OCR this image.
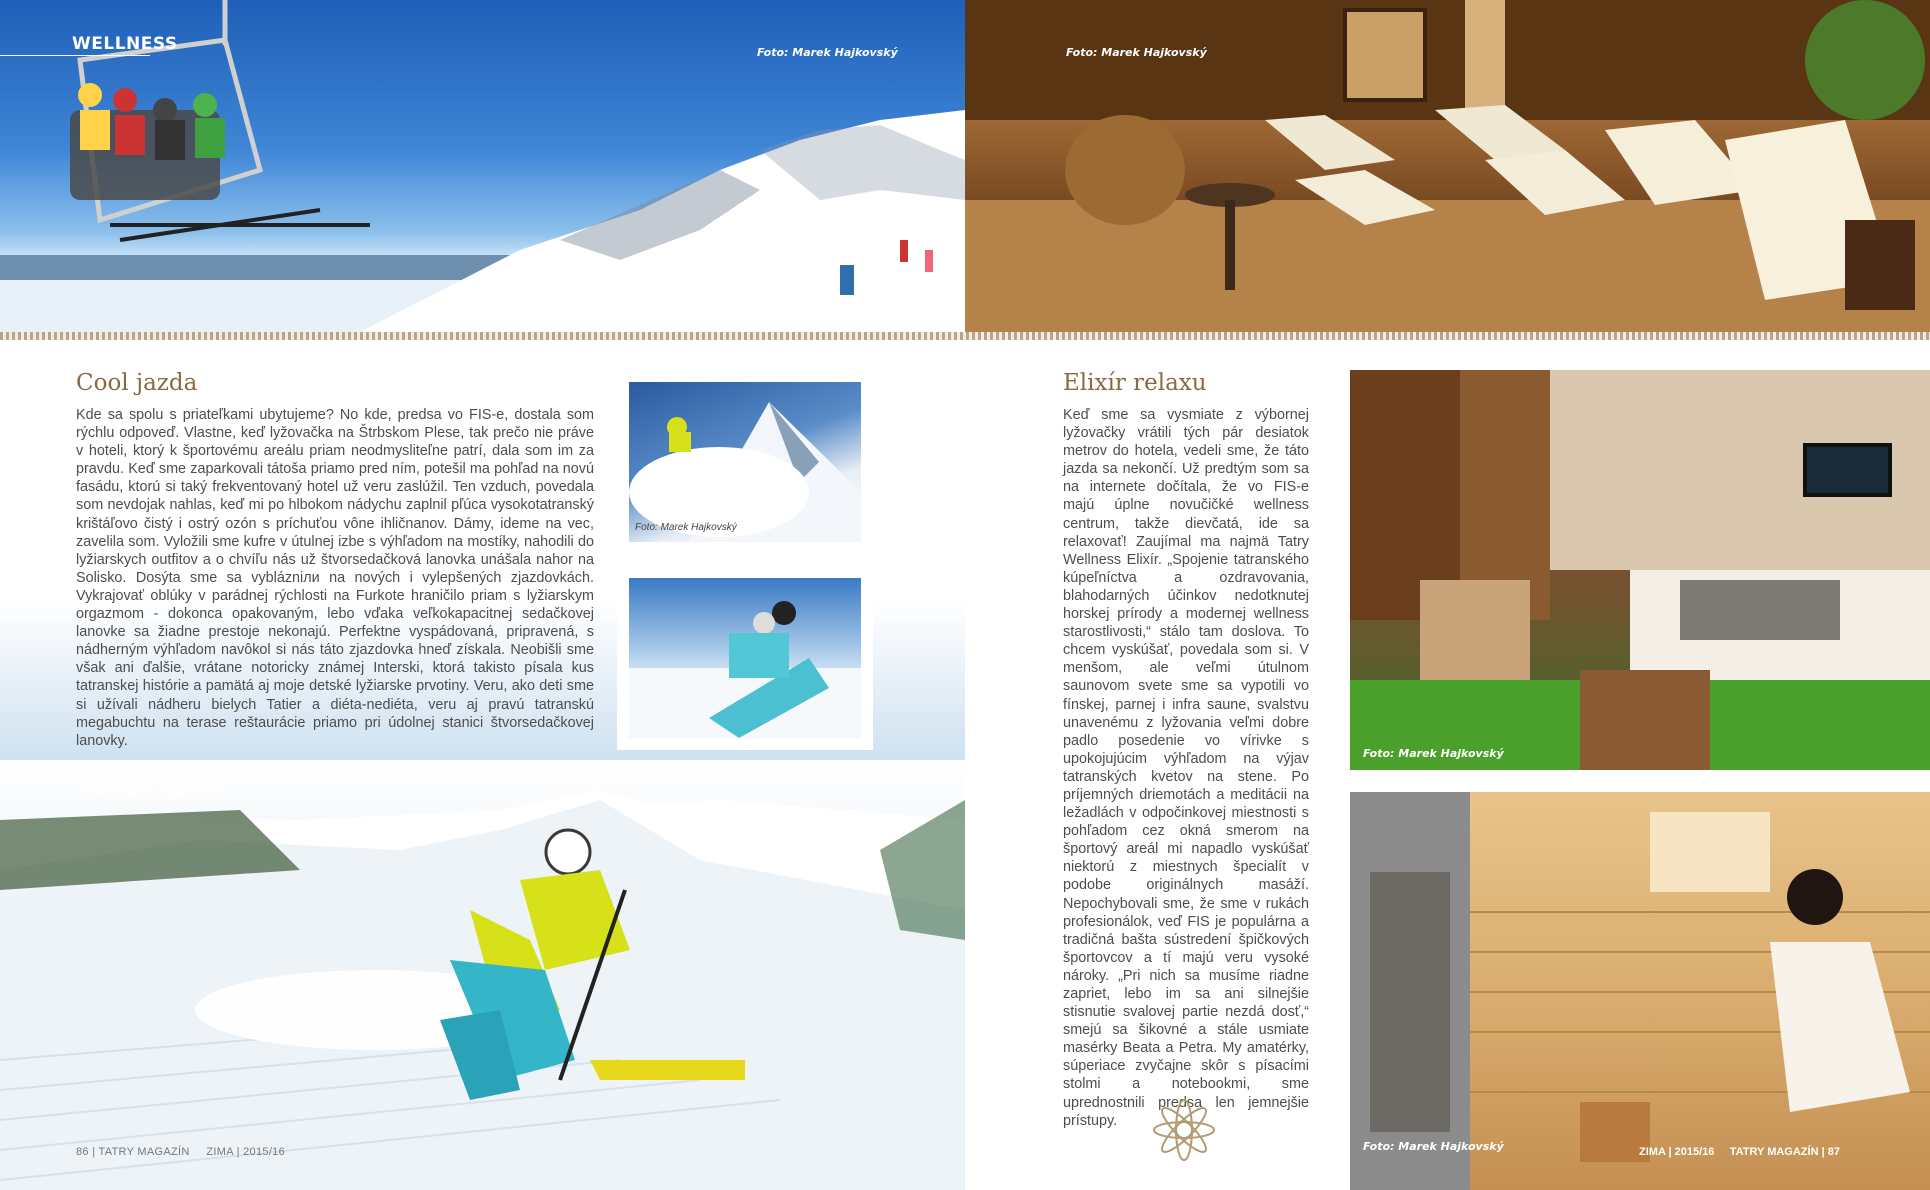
WELLNESS	Foto: Marek Hajkovský	Foto: Marek Hajkovský
Foto: Marek Hajkovský
Cool jazda

Kde sa spolu s priateľkami ubytujeme? No kde, predsa vo FIS-e, dostala som rýchlu odpoveď. Vlastne, keď lyžovačka na Štrbskom Plese, tak prečo nie práve v hoteli, ktorý k športovému areálu priam neodmysliteľne patrí, dala som im za pravdu. Keď sme zaparkovali tátoša priamo pred ním, potešil ma pohľad na novú fasádu, ktorú si taký frekventovaný hotel už veru zaslúžil. Ten vzduch, povedala som nevdojak nahlas, keď mi po hlbokom nádychu zaplnil pľúca vysokotatranský krištáľovo čistý i ostrý ozón s príchuťou vône ihličnanov. Dámy, ideme na vec, zavelila som. Vyložili sme kufre v útulnej izbe s výhľadom na mostíky, nahodili do lyžiarskych outfitov a o chvíľu nás už štvorsedačková lanovka unášala nahor na Solisko. Dosýta sme sa vyblázniли na nových i vylepšených zjazdovkách. Vykrajovať oblúky v parádnej rýchlosti na Furkote hraničilo priam s lyžiarskym orgazmom - dokonca opakovaným, lebo vďaka veľkokapacitnej sedačkovej lanovke sa žiadne prestoje nekonajú. Perfektne vyspádovaná, pripravená, s nádherným výhľadom navôkol si nás táto zjazdovka hneď získala. Neobišli sme však ani ďalšie, vrátane notoricky známej Interski, ktorá takisto písala kus tatranskej histórie a pamätá aj moje detské lyžiarske prvotiny. Veru, ako deti sme si užívali nádheru bielych Tatier a diéta-nediéta, veru aj pravú tatranskú megabuchtu na terase reštaurácie priamo pri údolnej stanici štvorsedačkovej lanovky.

Foto: Marek Hajkovský
Elixír relaxu

Keď sme sa vysmiate z výbornej lyžovačky vrátili tých pár desiatok metrov do hotela, vedeli sme, že táto jazda sa nekončí. Už predtým som sa na internete dočítala, že vo FIS-e majú úplne novučičké wellness centrum, takže dievčatá, ide sa relaxovať! Zaujímal ma najmä Tatry Wellness Elixír. „Spojenie tatranského kúpeľníctva a ozdravovania, blahodarných účinkov nedotknutej horskej prírody a modernej wellness starostlivosti,“ stálo tam doslova. To chcem vyskúšať, povedala som si. V menšom, ale veľmi útulnom saunovom svete sme sa vypotili vo fínskej, parnej i infra saune, svalstvu unavenému z lyžovania veľmi dobre padlo posedenie vo vírivke s upokojujúcim výhľadom na výjav tatranských kvetov na stene. Po príjemných driemotách a meditácii na ležadlách v odpočinkovej miestnosti s pohľadom cez okná smerom na športový areál mi napadlo vyskúšať niektorú z miestnych špecialít v podobe originálnych masáží. Nepochybovali sme, že sme v rukách profesionálok, veď FIS je populárna a tradičná bašta sústredení špičkových športovcov a tí majú veru vysoké nároky. „Pri nich sa musíme riadne zapriet, lebo im sa ani silnejšie stisnutie svalovej partie nezdá dosť,“ smejú sa šikovné a stále usmiate masérky Beata a Petra. My amatérky, súperiace zvyčajne skôr s písacími stolmi a notebookmi, sme uprednostnili predsa len jemnejšie prístupy.

Foto: Marek Hajkovský
Foto: Marek Hajkovský
86 | TATRY MAGAZÍN ZIMA | 2015/16	ZIMA | 2015/16 TATRY MAGAZÍN | 87
